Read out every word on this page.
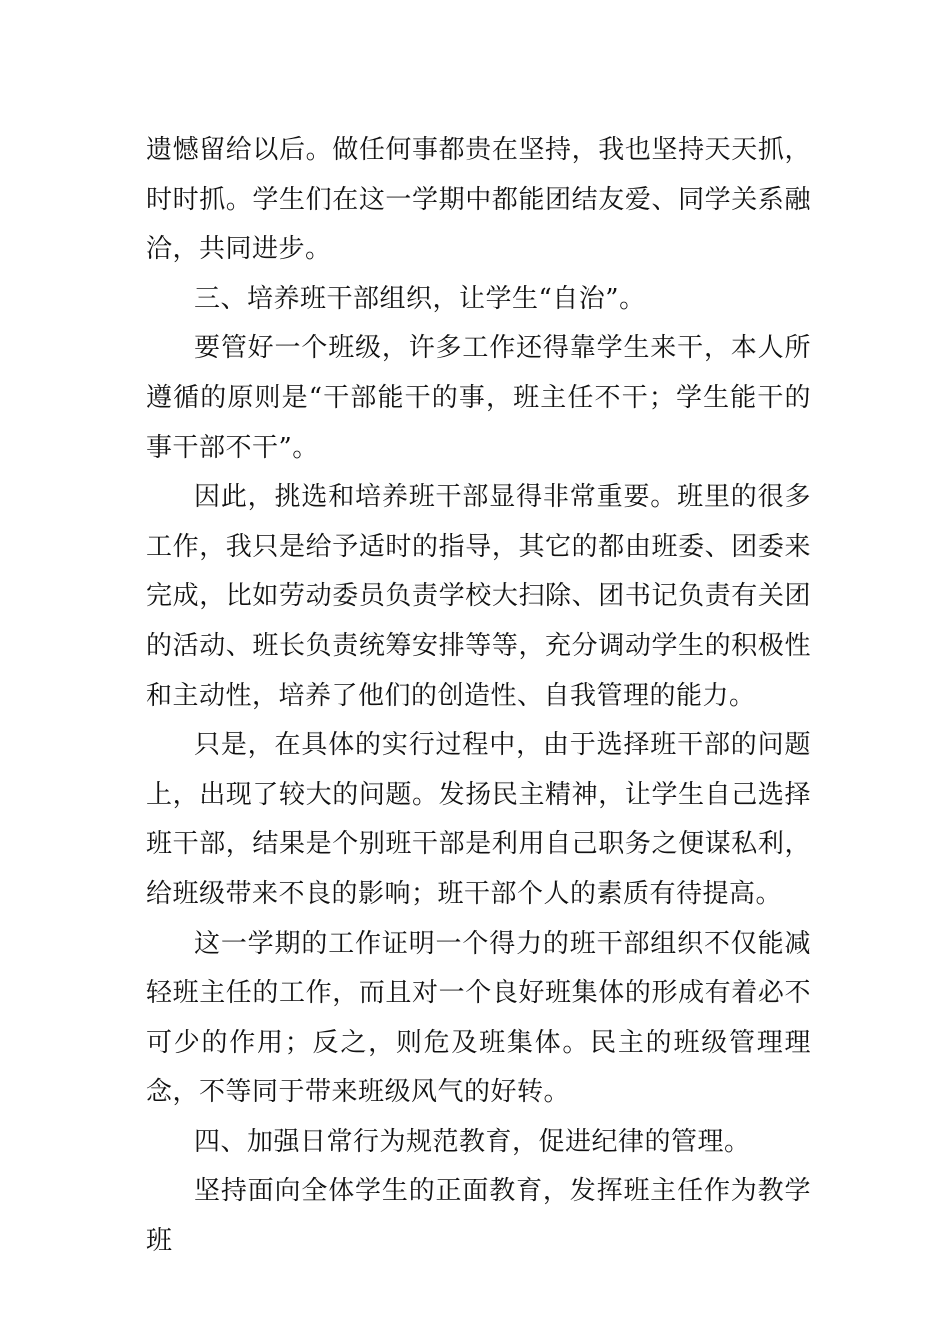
遗憾留给以后。做任何事都贵在坚持，我也坚持天天抓，时时抓。学生们在这一学期中都能团结友爱、同学关系融洽，共同进步。

三、培养班干部组织，让学生“自治”。

要管好一个班级，许多工作还得靠学生来干，本人所遵循的原则是“干部能干的事，班主任不干；学生能干的事干部不干”。

因此，挑选和培养班干部显得非常重要。班里的很多工作，我只是给予适时的指导，其它的都由班委、团委来完成，比如劳动委员负责学校大扫除、团书记负责有关团的活动、班长负责统筹安排等等，充分调动学生的积极性和主动性，培养了他们的创造性、自我管理的能力。

只是，在具体的实行过程中，由于选择班干部的问题上，出现了较大的问题。发扬民主精神，让学生自己选择班干部，结果是个别班干部是利用自己职务之便谋私利，给班级带来不良的影响；班干部个人的素质有待提高。

这一学期的工作证明一个得力的班干部组织不仅能减轻班主任的工作，而且对一个良好班集体的形成有着必不可少的作用；反之，则危及班集体。民主的班级管理理念，不等同于带来班级风气的好转。

四、加强日常行为规范教育，促进纪律的管理。

坚持面向全体学生的正面教育，发挥班主任作为教学班
